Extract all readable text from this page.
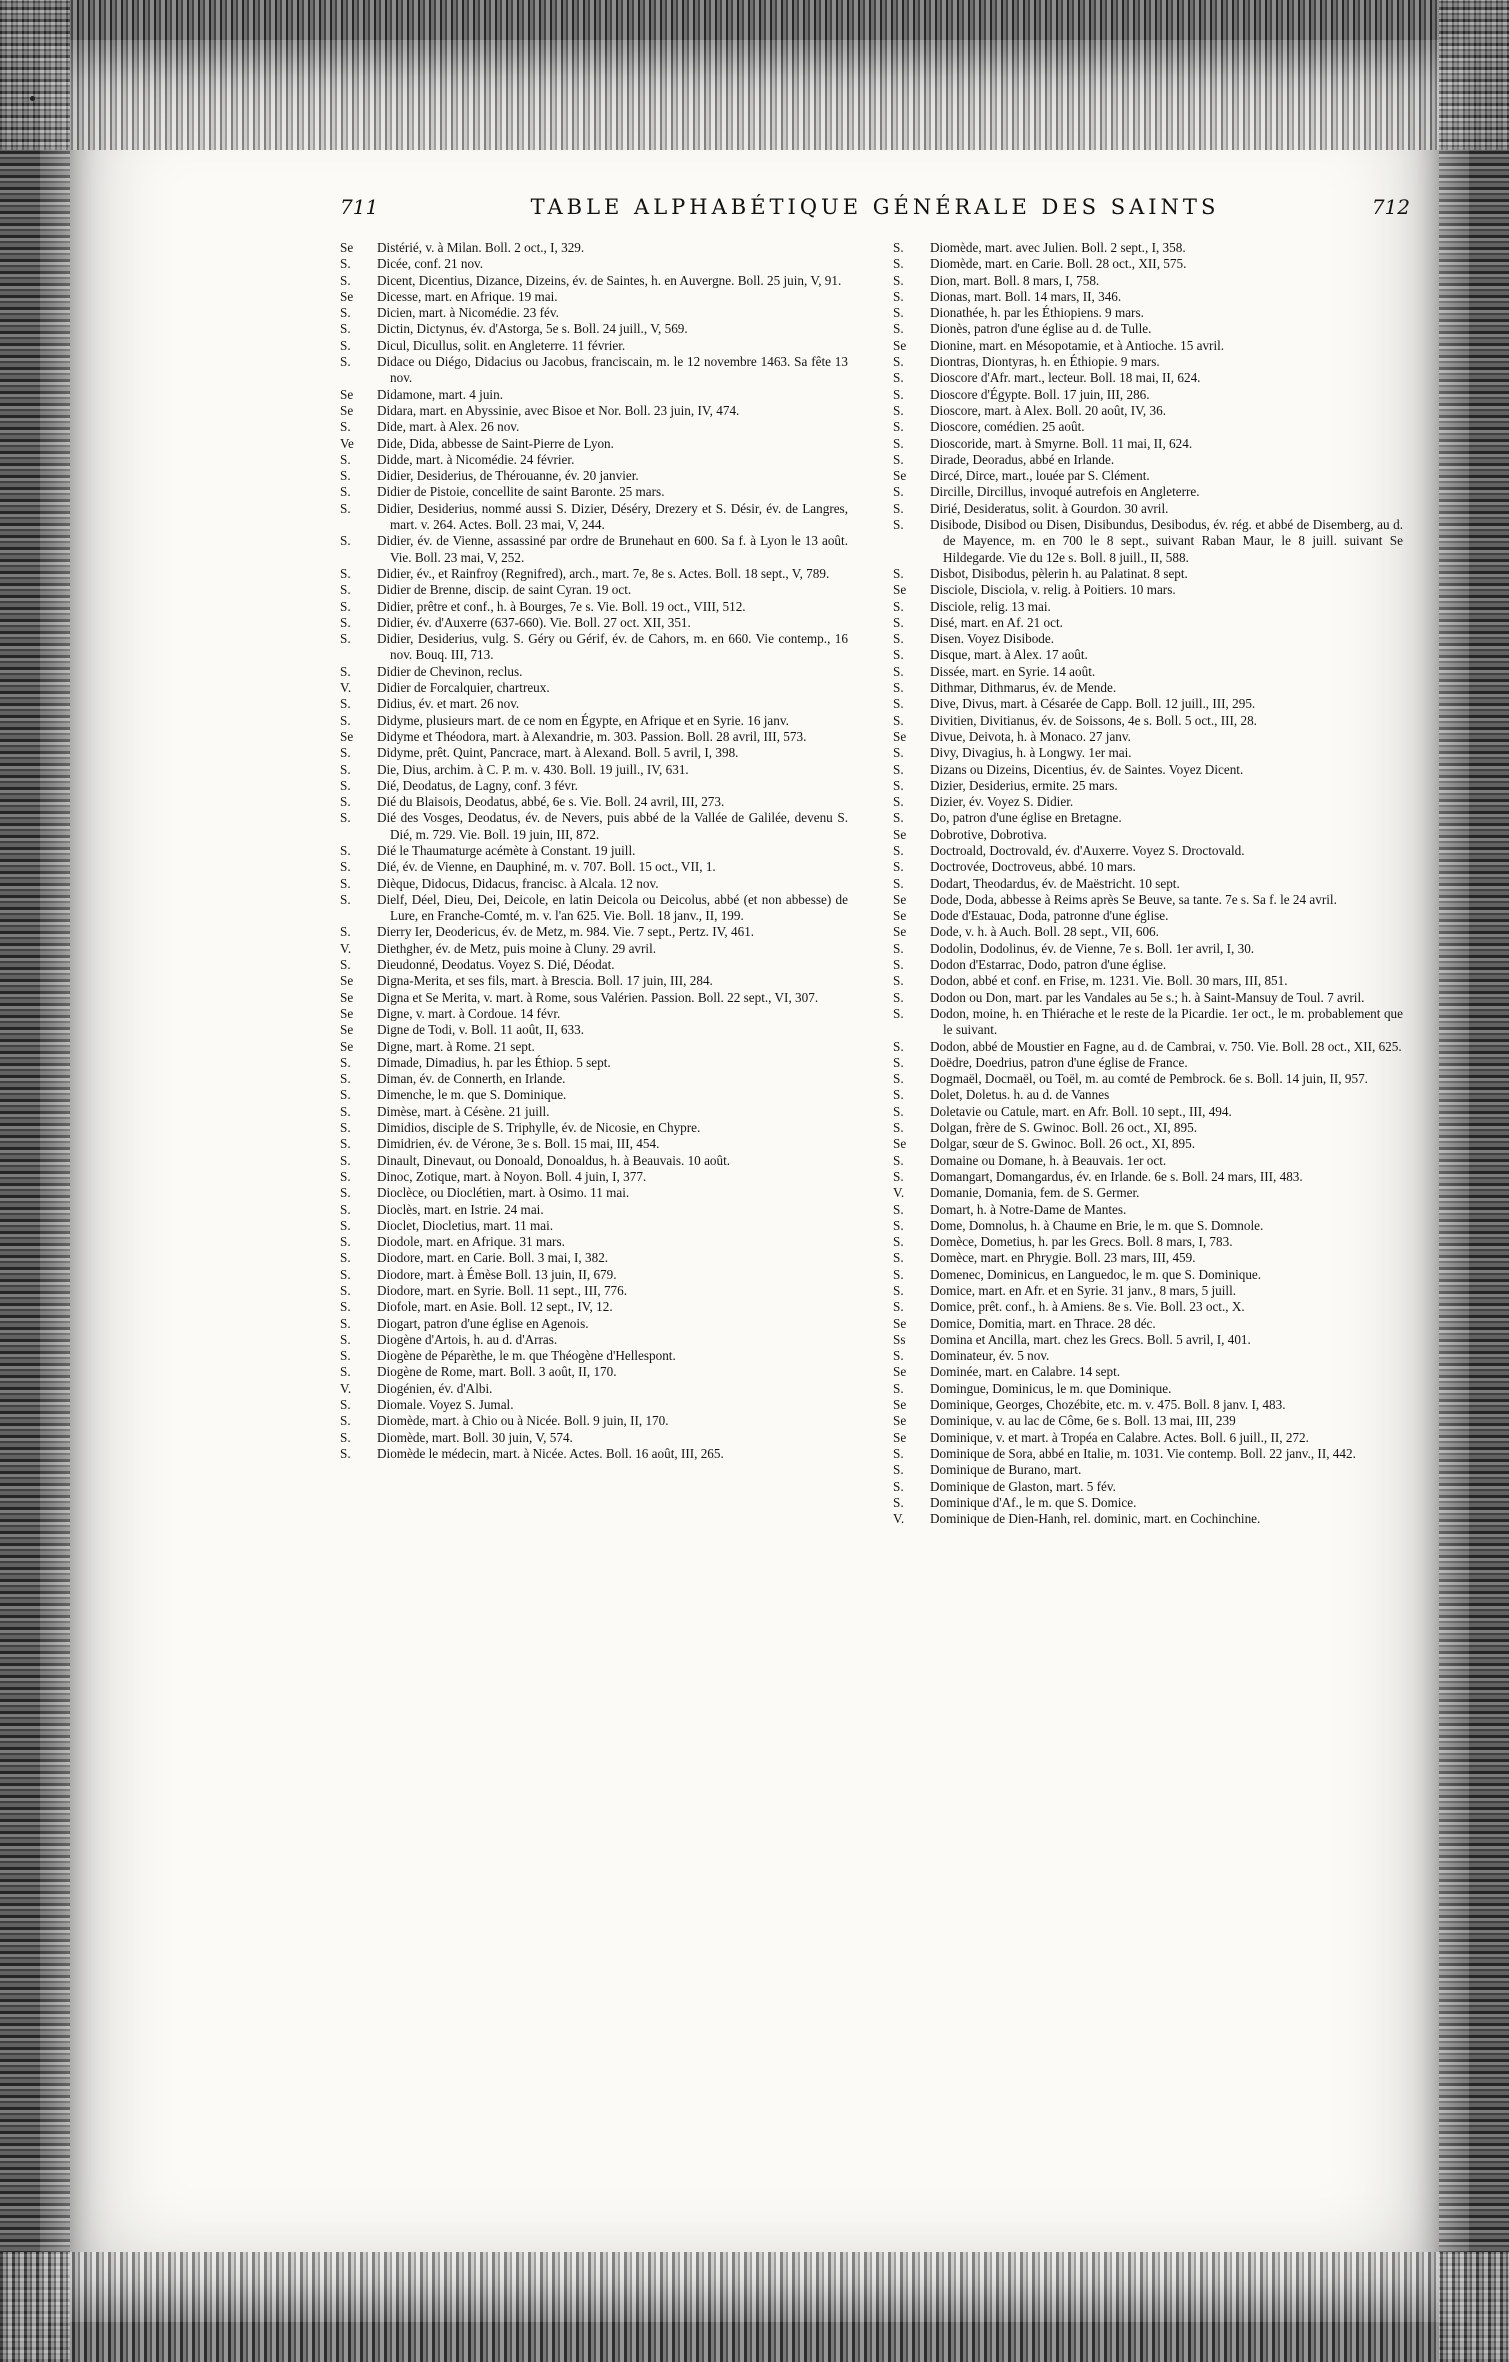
711	TABLE ALPHABÉTIQUE GÉNÉRALE DES SAINTS	712
Se	Distérié, v. à Milan. Boll. 2 oct., I, 329.
S.	Dicée, conf. 21 nov.
S.	Dicent, Dicentius, Dizance, Dizeins, év. de Saintes, h. en Auvergne. Boll. 25 juin, V, 91.
Se	Dicesse, mart. en Afrique. 19 mai.
S.	Dicien, mart. à Nicomédie. 23 fév.
S.	Dictin, Dictynus, év. d'Astorga, 5e s. Boll. 24 juill., V, 569.
S.	Dicul, Dicullus, solit. en Angleterre. 11 février.
S.	Didace ou Diégo, Didacius ou Jacobus, franciscain, m. le 12 novembre 1463. Sa fête 13 nov.
Se	Didamone, mart. 4 juin.
Se	Didara, mart. en Abyssinie, avec Bisoe et Nor. Boll. 23 juin, IV, 474.
S.	Dide, mart. à Alex. 26 nov.
Ve	Dide, Dida, abbesse de Saint-Pierre de Lyon.
S.	Didde, mart. à Nicomédie. 24 février.
S.	Didier, Desiderius, de Thérouanne, év. 20 janvier.
S.	Didier de Pistoie, concellite de saint Baronte. 25 mars.
S.	Didier, Desiderius, nommé aussi S. Dizier, Déséry, Drezery et S. Désir, év. de Langres, mart. v. 264. Actes. Boll. 23 mai, V, 244.
S.	Didier, év. de Vienne, assassiné par ordre de Brunehaut en 600. Sa f. à Lyon le 13 août. Vie. Boll. 23 mai, V, 252.
S.	Didier, év., et Rainfroy (Regnifred), arch., mart. 7e, 8e s. Actes. Boll. 18 sept., V, 789.
S.	Didier de Brenne, discip. de saint Cyran. 19 oct.
S.	Didier, prêtre et conf., h. à Bourges, 7e s. Vie. Boll. 19 oct., VIII, 512.
S.	Didier, év. d'Auxerre (637-660). Vie. Boll. 27 oct. XII, 351.
S.	Didier, Desiderius, vulg. S. Géry ou Gérif, év. de Cahors, m. en 660. Vie contemp., 16 nov. Bouq. III, 713.
S.	Didier de Chevinon, reclus.
V.	Didier de Forcalquier, chartreux.
S.	Didius, év. et mart. 26 nov.
S.	Didyme, plusieurs mart. de ce nom en Égypte, en Afrique et en Syrie. 16 janv.
Se	Didyme et Théodora, mart. à Alexandrie, m. 303. Passion. Boll. 28 avril, III, 573.
S.	Didyme, prêt. Quint, Pancrace, mart. à Alexand. Boll. 5 avril, I, 398.
S.	Die, Dius, archim. à C. P. m. v. 430. Boll. 19 juill., IV, 631.
S.	Dié, Deodatus, de Lagny, conf. 3 févr.
S.	Dié du Blaisois, Deodatus, abbé, 6e s. Vie. Boll. 24 avril, III, 273.
S.	Dié des Vosges, Deodatus, év. de Nevers, puis abbé de la Vallée de Galilée, devenu S. Dié, m. 729. Vie. Boll. 19 juin, III, 872.
S.	Dié le Thaumaturge acémète à Constant. 19 juill.
S.	Dié, év. de Vienne, en Dauphiné, m. v. 707. Boll. 15 oct., VII, 1.
S.	Dièque, Didocus, Didacus, francisc. à Alcala. 12 nov.
S.	Dielf, Déel, Dieu, Dei, Deicole, en latin Deicola ou Deicolus, abbé (et non abbesse) de Lure, en Franche-Comté, m. v. l'an 625. Vie. Boll. 18 janv., II, 199.
S.	Dierry Ier, Deodericus, év. de Metz, m. 984. Vie. 7 sept., Pertz. IV, 461.
V.	Diethgher, év. de Metz, puis moine à Cluny. 29 avril.
S.	Dieudonné, Deodatus. Voyez S. Dié, Déodat.
Se	Digna-Merita, et ses fils, mart. à Brescia. Boll. 17 juin, III, 284.
Se	Digna et Se Merita, v. mart. à Rome, sous Valérien. Passion. Boll. 22 sept., VI, 307.
Se	Digne, v. mart. à Cordoue. 14 févr.
Se	Digne de Todi, v. Boll. 11 août, II, 633.
Se	Digne, mart. à Rome. 21 sept.
S.	Dimade, Dimadius, h. par les Éthiop. 5 sept.
S.	Diman, év. de Connerth, en Irlande.
S.	Dimenche, le m. que S. Dominique.
S.	Dimèse, mart. à Césène. 21 juill.
S.	Dimidios, disciple de S. Triphylle, év. de Nicosie, en Chypre.
S.	Dimidrien, év. de Vérone, 3e s. Boll. 15 mai, III, 454.
S.	Dinault, Dinevaut, ou Donoald, Donoaldus, h. à Beauvais. 10 août.
S.	Dinoc, Zotique, mart. à Noyon. Boll. 4 juin, I, 377.
S.	Dioclèce, ou Dioclétien, mart. à Osimo. 11 mai.
S.	Dioclès, mart. en Istrie. 24 mai.
S.	Dioclet, Diocletius, mart. 11 mai.
S.	Diodole, mart. en Afrique. 31 mars.
S.	Diodore, mart. en Carie. Boll. 3 mai, I, 382.
S.	Diodore, mart. à Émèse Boll. 13 juin, II, 679.
S.	Diodore, mart. en Syrie. Boll. 11 sept., III, 776.
S.	Diofole, mart. en Asie. Boll. 12 sept., IV, 12.
S.	Diogart, patron d'une église en Agenois.
S.	Diogène d'Artois, h. au d. d'Arras.
S.	Diogène de Péparèthe, le m. que Théogène d'Hellespont.
S.	Diogène de Rome, mart. Boll. 3 août, II, 170.
V.	Diogénien, év. d'Albi.
S.	Diomale. Voyez S. Jumal.
S.	Diomède, mart. à Chio ou à Nicée. Boll. 9 juin, II, 170.
S.	Diomède, mart. Boll. 30 juin, V, 574.
S.	Diomède le médecin, mart. à Nicée. Actes. Boll. 16 août, III, 265.
S.	Diomède, mart. avec Julien. Boll. 2 sept., I, 358.
S.	Diomède, mart. en Carie. Boll. 28 oct., XII, 575.
S.	Dion, mart. Boll. 8 mars, I, 758.
S.	Dionas, mart. Boll. 14 mars, II, 346.
S.	Dionathée, h. par les Éthiopiens. 9 mars.
S.	Dionès, patron d'une église au d. de Tulle.
Se	Dionine, mart. en Mésopotamie, et à Antioche. 15 avril.
S.	Diontras, Diontyras, h. en Éthiopie. 9 mars.
S.	Dioscore d'Afr. mart., lecteur. Boll. 18 mai, II, 624.
S.	Dioscore d'Égypte. Boll. 17 juin, III, 286.
S.	Dioscore, mart. à Alex. Boll. 20 août, IV, 36.
S.	Dioscore, comédien. 25 août.
S.	Dioscoride, mart. à Smyrne. Boll. 11 mai, II, 624.
S.	Dirade, Deoradus, abbé en Irlande.
Se	Dircé, Dirce, mart., louée par S. Clément.
S.	Dircille, Dircillus, invoqué autrefois en Angleterre.
S.	Dirié, Desideratus, solit. à Gourdon. 30 avril.
S.	Disibode, Disibod ou Disen, Disibundus, Desibodus, év. rég. et abbé de Disemberg, au d. de Mayence, m. en 700 le 8 sept., suivant Raban Maur, le 8 juill. suivant Se Hildegarde. Vie du 12e s. Boll. 8 juill., II, 588.
S.	Disbot, Disibodus, pèlerin h. au Palatinat. 8 sept.
Se	Disciole, Disciola, v. relig. à Poitiers. 10 mars.
S.	Disciole, relig. 13 mai.
S.	Disé, mart. en Af. 21 oct.
S.	Disen. Voyez Disibode.
S.	Disque, mart. à Alex. 17 août.
S.	Dissée, mart. en Syrie. 14 août.
S.	Dithmar, Dithmarus, év. de Mende.
S.	Dive, Divus, mart. à Césarée de Capp. Boll. 12 juill., III, 295.
S.	Divitien, Divitianus, év. de Soissons, 4e s. Boll. 5 oct., III, 28.
Se	Divue, Deivota, h. à Monaco. 27 janv.
S.	Divy, Divagius, h. à Longwy. 1er mai.
S.	Dizans ou Dizeins, Dicentius, év. de Saintes. Voyez Dicent.
S.	Dizier, Desiderius, ermite. 25 mars.
S.	Dizier, év. Voyez S. Didier.
S.	Do, patron d'une église en Bretagne.
Se	Dobrotive, Dobrotiva.
S.	Doctroald, Doctrovald, év. d'Auxerre. Voyez S. Droctovald.
S.	Doctrovée, Doctroveus, abbé. 10 mars.
S.	Dodart, Theodardus, év. de Maëstricht. 10 sept.
Se	Dode, Doda, abbesse à Reims après Se Beuve, sa tante. 7e s. Sa f. le 24 avril.
Se	Dode d'Estauac, Doda, patronne d'une église.
Se	Dode, v. h. à Auch. Boll. 28 sept., VII, 606.
S.	Dodolin, Dodolinus, év. de Vienne, 7e s. Boll. 1er avril, I, 30.
S.	Dodon d'Estarrac, Dodo, patron d'une église.
S.	Dodon, abbé et conf. en Frise, m. 1231. Vie. Boll. 30 mars, III, 851.
S.	Dodon ou Don, mart. par les Vandales au 5e s.; h. à Saint-Mansuy de Toul. 7 avril.
S.	Dodon, moine, h. en Thiérache et le reste de la Picardie. 1er oct., le m. probablement que le suivant.
S.	Dodon, abbé de Moustier en Fagne, au d. de Cambrai, v. 750. Vie. Boll. 28 oct., XII, 625.
S.	Doëdre, Doedrius, patron d'une église de France.
S.	Dogmaël, Docmaël, ou Toël, m. au comté de Pembrock. 6e s. Boll. 14 juin, II, 957.
S.	Dolet, Doletus. h. au d. de Vannes
S.	Doletavie ou Catule, mart. en Afr. Boll. 10 sept., III, 494.
S.	Dolgan, frère de S. Gwinoc. Boll. 26 oct., XI, 895.
Se	Dolgar, sœur de S. Gwinoc. Boll. 26 oct., XI, 895.
S.	Domaine ou Domane, h. à Beauvais. 1er oct.
S.	Domangart, Domangardus, év. en Irlande. 6e s. Boll. 24 mars, III, 483.
V.	Domanie, Domania, fem. de S. Germer.
S.	Domart, h. à Notre-Dame de Mantes.
S.	Dome, Domnolus, h. à Chaume en Brie, le m. que S. Domnole.
S.	Domèce, Dometius, h. par les Grecs. Boll. 8 mars, I, 783.
S.	Domèce, mart. en Phrygie. Boll. 23 mars, III, 459.
S.	Domenec, Dominicus, en Languedoc, le m. que S. Dominique.
S.	Domice, mart. en Afr. et en Syrie. 31 janv., 8 mars, 5 juill.
S.	Domice, prêt. conf., h. à Amiens. 8e s. Vie. Boll. 23 oct., X.
Se	Domice, Domitia, mart. en Thrace. 28 déc.
Ss	Domina et Ancilla, mart. chez les Grecs. Boll. 5 avril, I, 401.
S.	Dominateur, év. 5 nov.
Se	Dominée, mart. en Calabre. 14 sept.
S.	Domingue, Dominicus, le m. que Dominique.
Se	Dominique, Georges, Chozébite, etc. m. v. 475. Boll. 8 janv. I, 483.
Se	Dominique, v. au lac de Côme, 6e s. Boll. 13 mai, III, 239
Se	Dominique, v. et mart. à Tropéa en Calabre. Actes. Boll. 6 juill., II, 272.
S.	Dominique de Sora, abbé en Italie, m. 1031. Vie contemp. Boll. 22 janv., II, 442.
S.	Dominique de Burano, mart.
S.	Dominique de Glaston, mart. 5 fév.
S.	Dominique d'Af., le m. que S. Domice.
V.	Dominique de Dien-Hanh, rel. dominic, mart. en Cochinchine.
